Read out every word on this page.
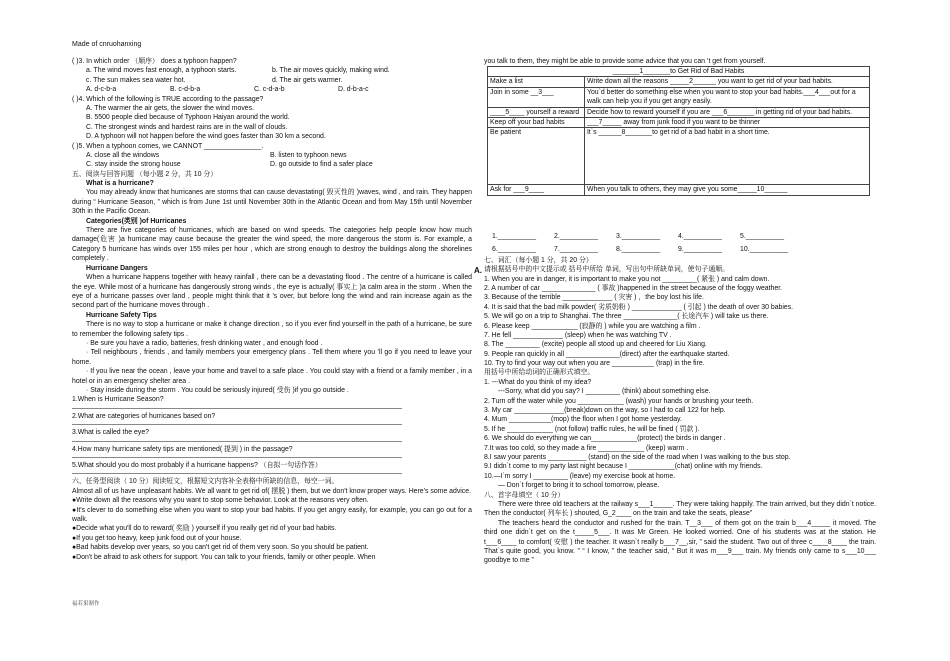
Made of cnruohanxing
( )3. In which order （顺序） does a typhoon happen?
a. The wind moves fast enough, a typhoon starts.	b. The air moves quickly, making wind.
c. The sun makes sea water hot.	d. The air gets warmer.
A. d-c-b-a	B. c-d-b-a	C. c-d-a-b	D. d-b-a-c
( )4. Which of the following is TRUE according to the passage?
A. The warmer the air gets, the slower the wind moves.
B. 5500 people died because of Typhoon Haiyan around the world.
C. The strongest winds and hardest rains are in the wall of clouds.
D. A typhoon will not happen before the wind goes faster than 30 km a second.
( )5. When a typhoon comes, we CANNOT _______________.
A. close all the windows	B. listen to typhoon news
C. stay inside the strong house	D. go outside to find a safer place
五、阅读与回答问题 （每小题 2 分，共 10 分）
What is a hurricane?
You may already know that hurricanes are storms that can cause devastating( 毁灭性的 )waves, wind , and rain. They happen during “ Hurricane Season, ” which is from June 1st until November 30th in the Atlantic Ocean and from May 15th until November 30th in the Pacific Ocean.
Categories(类别 )of Hurricanes
There are five categories of hurricanes, which are based on wind speeds. The categories help people know how much damage(危害 )a hurricane may cause because the greater the wind speed, the more dangerous the storm is. For example, a Category 5 hurricane has winds over 155 miles per hour , which are strong enough to destroy the buildings along the shorelines completely .
Hurricane Dangers
When a hurricane happens together with heavy rainfall , there can be a devastating flood . The centre of a hurricane is called the eye. While most of a hurricane has dangerously strong winds , the eye is actually( 事实上 )a calm area in the storm . When the eye of a hurricane passes over land , people might think that it ’s over, but before long the wind and rain increase again as the second part of the hurricane moves through .
Hurricane Safety Tips
There is no way to stop a hurricane or make it change direction , so if you ever find yourself in the path of a hurricane, be sure to remember the following safety tips .
· Be sure you have a radio, batteries, fresh drinking water , and enough food .
· Tell neighbours , friends , and family members your emergency plans . Tell them where you ’ll go if you need to leave your home.
· If you live near the ocean , leave your home and travel to a safe place . You could stay with a friend or a family member , in a hotel or in an emergency shelter area .
· Stay inside during the storm . You could be seriously injured( 受伤 )if you go outside .
1.When is Hurricane Season?
2.What are categories of hurricanes based on?
3.What is called the eye?
4.How many hurricane safety tips are mentioned( 提到 ) in the passage?
5.What should you do most probably if a hurricane happens? （自拟一句话作答）
六、任务型阅读（ 10 分）阅读短文，根据短文内容补全表格中所缺的信息，每空一词。
Almost all of us have unpleasant habits. We all want to get rid of( 摆脱 ) them, but we don't know proper ways. Here’s some advice.
●Write down all the reasons why you want to stop some behavior. Look at the reasons very often.
●It's clever to do something else when you want to stop your bad habits. If you get angry easily, for example, you can go out for a walk.
●Decide what you'll do to reward( 奖励 ) yourself if you really get rid of your bad habits.
●If you get too heavy, keep junk food out of your house.
●Bad habits develop over years, so you can't get rid of them very soon. So you should be patient.
●Don't be afraid to ask others for support. You can talk to your friends, family or other people. When
福若果制作
you talk to them, they might be able to provide some advice that you can ’t get from yourself.
_______1_______to Get Rid of Bad Habits	
Make a list	Write down all the reasons _____2______ you want to get rid of your bad habits.
Join in some __3___	You`d better do something else when you want to stop your bad habits.___4___out for a walk can help you if you get angry easily.
____5____ yourself a reward	Decide how to reward yourself if you are ___6_______ in getting rid of your bad habits.
Keep off your bad habits	___7_____ away from junk food if you want to be thinner
Be patient	It`s ______8_______to get rid of a bad habit in a short time.
Ask for ___9____	When you talk to others, they may give you some_____10______
1.__________	2.__________	3.__________	4.__________	5.__________
6.__________	7.__________	8.__________	9.__________	10.__________
七、词汇（每小题 1 分，共 20 分）
请根据括号中的中文提示或 括号中所给 单词，写出句中所缺单词，使句子通顺。
1. When you are in danger, it is important to make you not _________( 紧张 ) and calm down.
2. A number of car ______________ ( 事故 )happened in the street because of the foggy weather.
3. Because of the terrible _____________ ( 灾害 ) ，the boy lost his life.
4. It is said that the bad milk powder( 劣质奶粉 ) _____________ ( 引起 ) the death of over 30 babies.
5. We will go on a trip to Shanghai. The three ______________( 长途汽车 ) will take us there.
6. Please keep ____________ (寂静的 ) while you are watching a film .
7. He fell _____________ (sleep) when he was watching TV .
8. The _________ (excite) people all stood up and cheered for Liu Xiang.
9. People ran quickly in all ______________(direct) after the earthquake started.
10. Try to find your way out when you are ___________ (trap) in the fire.
用括号中所给动词的正确形式填空。
1. ---What do you think of my idea?
---Sorry, what did you say? I _________ (think) about something else.
2. Turn off the water while you ____________ (wash) your hands or brushing your teeth.
3. My car _____________(break)down on the way, so I had to call 122 for help.
4. Mum ___________(mop) the floor when I got home yesterday.
5. If he ____________ (not follow) traffic rules, he will be fined ( 罚款 ).
6. We should do everything we can____________(protect) the birds in danger .
7.It was too cold, so they made a fire ____________ (keep) warm .
8.I saw your parents __________ (stand) on the side of the road when I was walking to the bus stop.
9.I didn`t come to my party last night because I ____________(chat) online with my friends.
10.—I`m sorry I _________ (leave) my exercise book at home.
— Don`t forget to bring it to school tomorrow, please.
八、首字母填空（ 10 分）
There were three old teachers at the railway s___1_____. They were taking happily. The train arrived, but they didn`t notice. Then the conductor( 列车长 ) shouted, G_2____ on the train and take the seats, please”
The teachers heard the conductor and rushed for the train. T__3___ of them got on the train b___4_____ it moved. The third one didn`t get on the t_____5___. It was Mr Green. He looked worried. One of his students was at the station. He t___6____ to comfort( 安慰 ) the teacher. It wasn`t really b___7__,sir, ” said the student. Two out of three c____8____ the train. That`s quite good, you know. ” “ I know, ” the teacher said, “ But it was m___9___ train. My friends only came to s___10___ goodbye to me ”
A.
